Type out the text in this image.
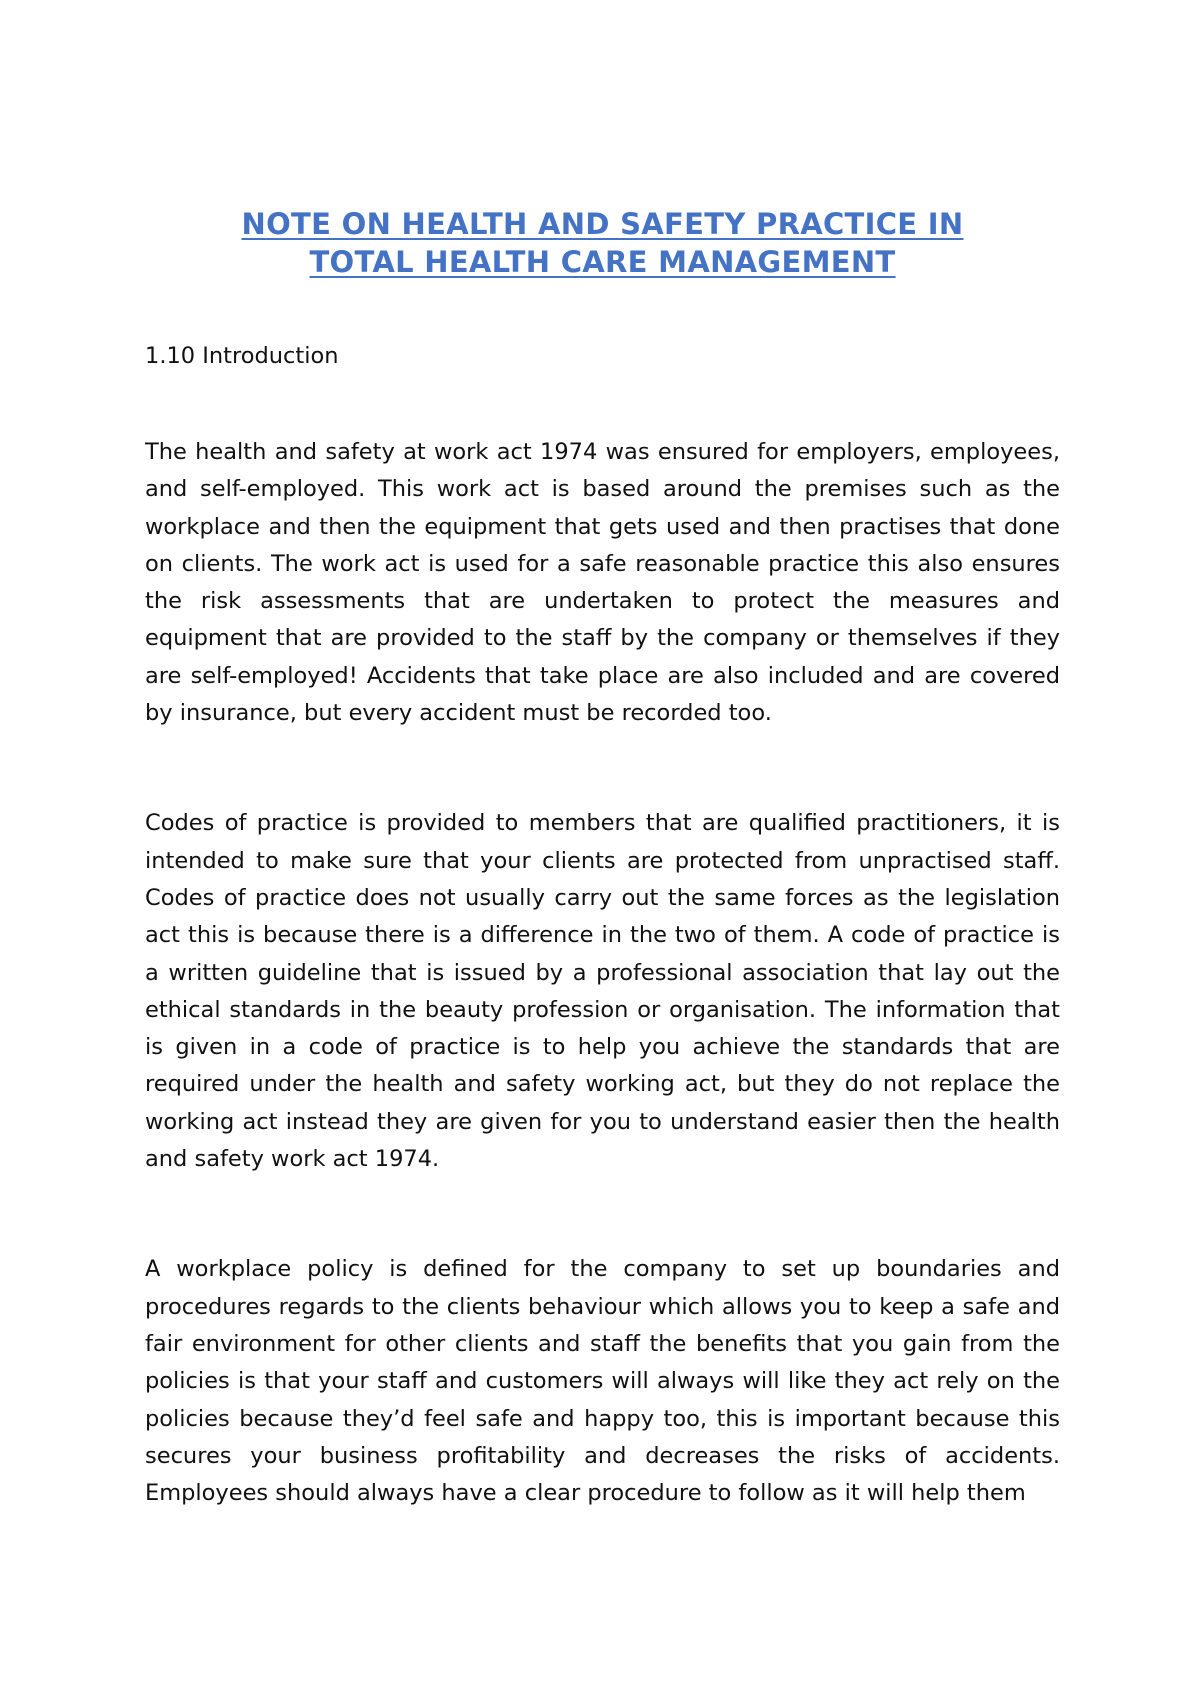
NOTE ON HEALTH AND SAFETY PRACTICE IN
TOTAL HEALTH CARE MANAGEMENT

1.10 Introduction

The health and safety at work act 1974 was ensured for employers, employees, and self-employed. This work act is based around the premises such as the workplace and then the equipment that gets used and then practises that done on clients. The work act is used for a safe reasonable practice this also ensures the risk assessments that are undertaken to protect the measures and equipment that are provided to the staff by the company or themselves if they are self-employed! Accidents that take place are also included and are covered by insurance, but every accident must be recorded too.

Codes of practice is provided to members that are qualified practitioners, it is intended to make sure that your clients are protected from unpractised staff. Codes of practice does not usually carry out the same forces as the legislation act this is because there is a difference in the two of them. A code of practice is a written guideline that is issued by a professional association that lay out the ethical standards in the beauty profession or organisation. The information that is given in a code of practice is to help you achieve the standards that are required under the health and safety working act, but they do not replace the working act instead they are given for you to understand easier then the health and safety work act 1974.

A workplace policy is defined for the company to set up boundaries and procedures regards to the clients behaviour which allows you to keep a safe and fair environment for other clients and staff the benefits that you gain from the policies is that your staff and customers will always will like they act rely on the policies because they’d feel safe and happy too, this is important because this secures your business profitability and decreases the risks of accidents. Employees should always have a clear procedure to follow as it will help them
